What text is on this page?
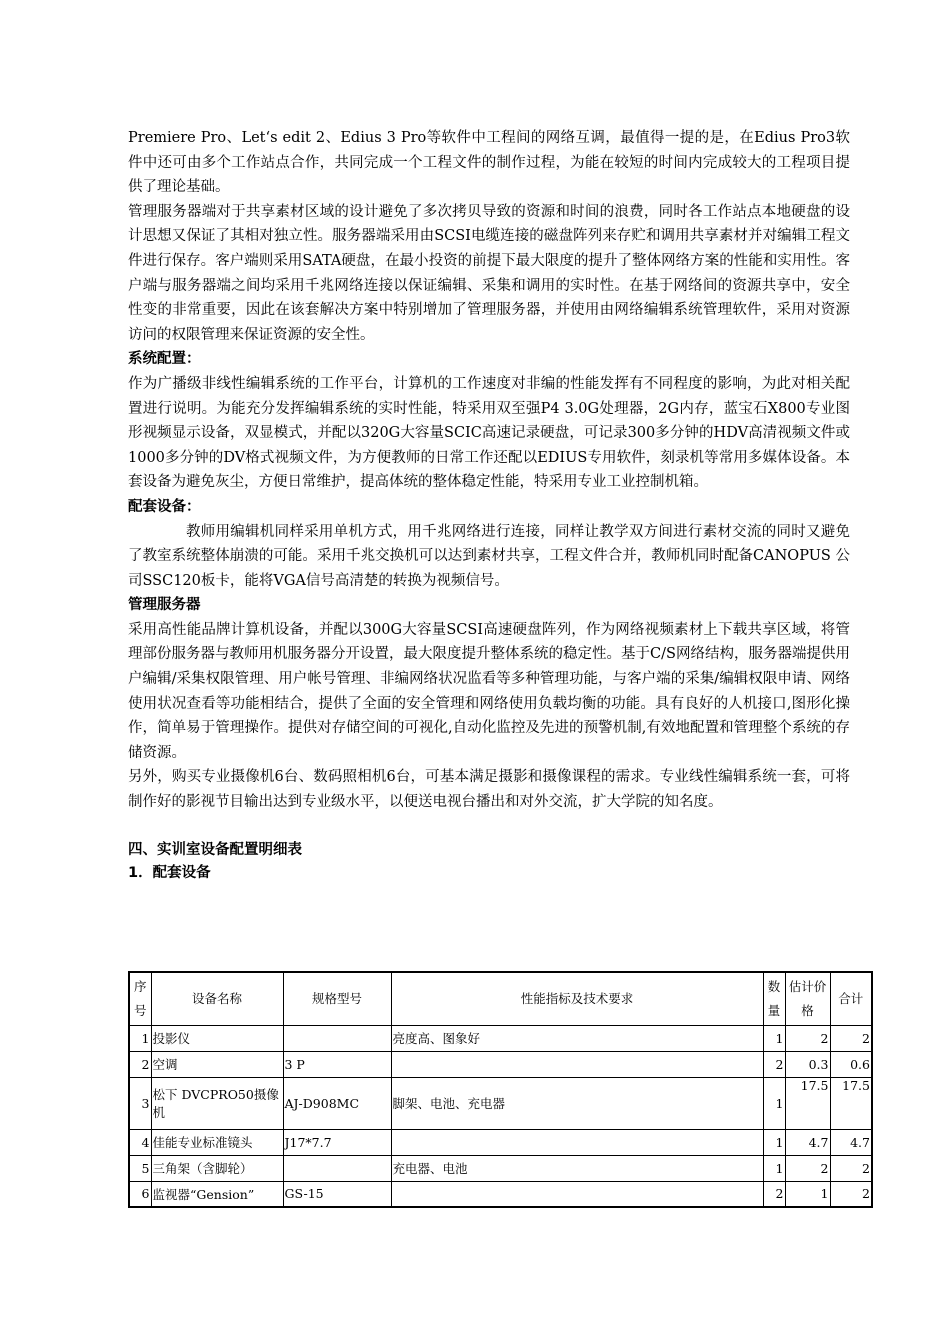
Premiere Pro、Let‘s edit 2、Edius 3 Pro等软件中工程间的网络互调，最值得一提的是，在Edius Pro3软件中还可由多个工作站点合作，共同完成一个工程文件的制作过程，为能在较短的时间内完成较大的工程项目提供了理论基础。

管理服务器端对于共享素材区域的设计避免了多次拷贝导致的资源和时间的浪费，同时各工作站点本地硬盘的设计思想又保证了其相对独立性。服务器端采用由SCSI电缆连接的磁盘阵列来存贮和调用共享素材并对编辑工程文件进行保存。客户端则采用SATA硬盘，在最小投资的前提下最大限度的提升了整体网络方案的性能和实用性。客户端与服务器端之间均采用千兆网络连接以保证编辑、采集和调用的实时性。在基于网络间的资源共享中，安全性变的非常重要，因此在该套解决方案中特别增加了管理服务器，并使用由网络编辑系统管理软件，采用对资源访问的权限管理来保证资源的安全性。

系统配置：

作为广播级非线性编辑系统的工作平台，计算机的工作速度对非编的性能发挥有不同程度的影响，为此对相关配置进行说明。为能充分发挥编辑系统的实时性能，特采用双至强P4 3.0G处理器，2G内存，蓝宝石X800专业图形视频显示设备，双显模式，并配以320G大容量SCIC高速记录硬盘，可记录300多分钟的HDV高清视频文件或1000多分钟的DV格式视频文件，为方便教师的日常工作还配以EDIUS专用软件，刻录机等常用多媒体设备。本套设备为避免灰尘，方便日常维护，提高体统的整体稳定性能，特采用专业工业控制机箱。

配套设备：

教师用编辑机同样采用单机方式，用千兆网络进行连接，同样让教学双方间进行素材交流的同时又避免了教室系统整体崩溃的可能。采用千兆交换机可以达到素材共享，工程文件合并，教师机同时配备CANOPUS 公司SSC120板卡，能将VGA信号高清楚的转换为视频信号。

管理服务器

采用高性能品牌计算机设备，并配以300G大容量SCSI高速硬盘阵列，作为网络视频素材上下载共享区域，将管理部份服务器与教师用机服务器分开设置，最大限度提升整体系统的稳定性。基于C/S网络结构，服务器端提供用户编辑/采集权限管理、用户帐号管理、非编网络状况监看等多种管理功能，与客户端的采集/编辑权限申请、网络使用状况查看等功能相结合，提供了全面的安全管理和网络使用负载均衡的功能。具有良好的人机接口,图形化操作，简单易于管理操作。提供对存储空间的可视化,自动化监控及先进的预警机制,有效地配置和管理整个系统的存储资源。

另外，购买专业摄像机6台、数码照相机6台，可基本满足摄影和摄像课程的需求。专业线性编辑系统一套，可将制作好的影视节目输出达到专业级水平，以便送电视台播出和对外交流，扩大学院的知名度。

四、实训室设备配置明细表

1．配套设备

序号	设备名称	规格型号	性能指标及技术要求	数量	估计价格	合计
1	投影仪		亮度高、图象好	1	2	2
2	空调	3 P		2	0.3	0.6
3	松下 DVCPRO50摄像机	AJ-D908MC	脚架、电池、充电器	1	17.5	17.5
4	佳能专业标准镜头	J17*7.7		1	4.7	4.7
5	三角架（含脚轮）		充电器、电池	1	2	2
6	监视器“Gension”	GS-15		2	1	2
